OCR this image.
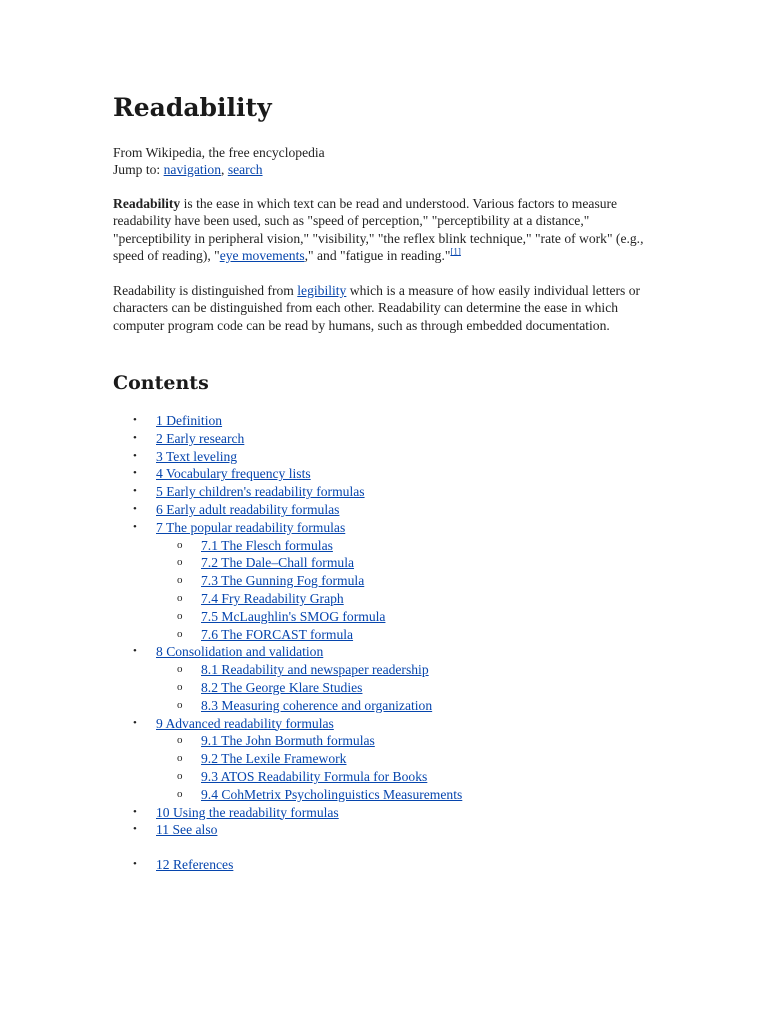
Readability
From Wikipedia, the free encyclopedia
Jump to: navigation, search

Readability is the ease in which text can be read and understood. Various factors to measure readability have been used, such as "speed of perception," "perceptibility at a distance," "perceptibility in peripheral vision," "visibility," "the reflex blink technique," "rate of work" (e.g., speed of reading), "eye movements," and "fatigue in reading."[1]

Readability is distinguished from legibility which is a measure of how easily individual letters or characters can be distinguished from each other. Readability can determine the ease in which computer program code can be read by humans, such as through embedded documentation.

Contents
•	1 Definition
•	2 Early research
•	3 Text leveling
•	4 Vocabulary frequency lists
•	5 Early children's readability formulas
•	6 Early adult readability formulas
•	7 The popular readability formulas
o	7.1 The Flesch formulas
o	7.2 The Dale–Chall formula
o	7.3 The Gunning Fog formula
o	7.4 Fry Readability Graph
o	7.5 McLaughlin's SMOG formula
o	7.6 The FORCAST formula
•	8 Consolidation and validation
o	8.1 Readability and newspaper readership
o	8.2 The George Klare Studies
o	8.3 Measuring coherence and organization
•	9 Advanced readability formulas
o	9.1 The John Bormuth formulas
o	9.2 The Lexile Framework
o	9.3 ATOS Readability Formula for Books
o	9.4 CohMetrix Psycholinguistics Measurements
•	10 Using the readability formulas
•	11 See also
•	12 References
